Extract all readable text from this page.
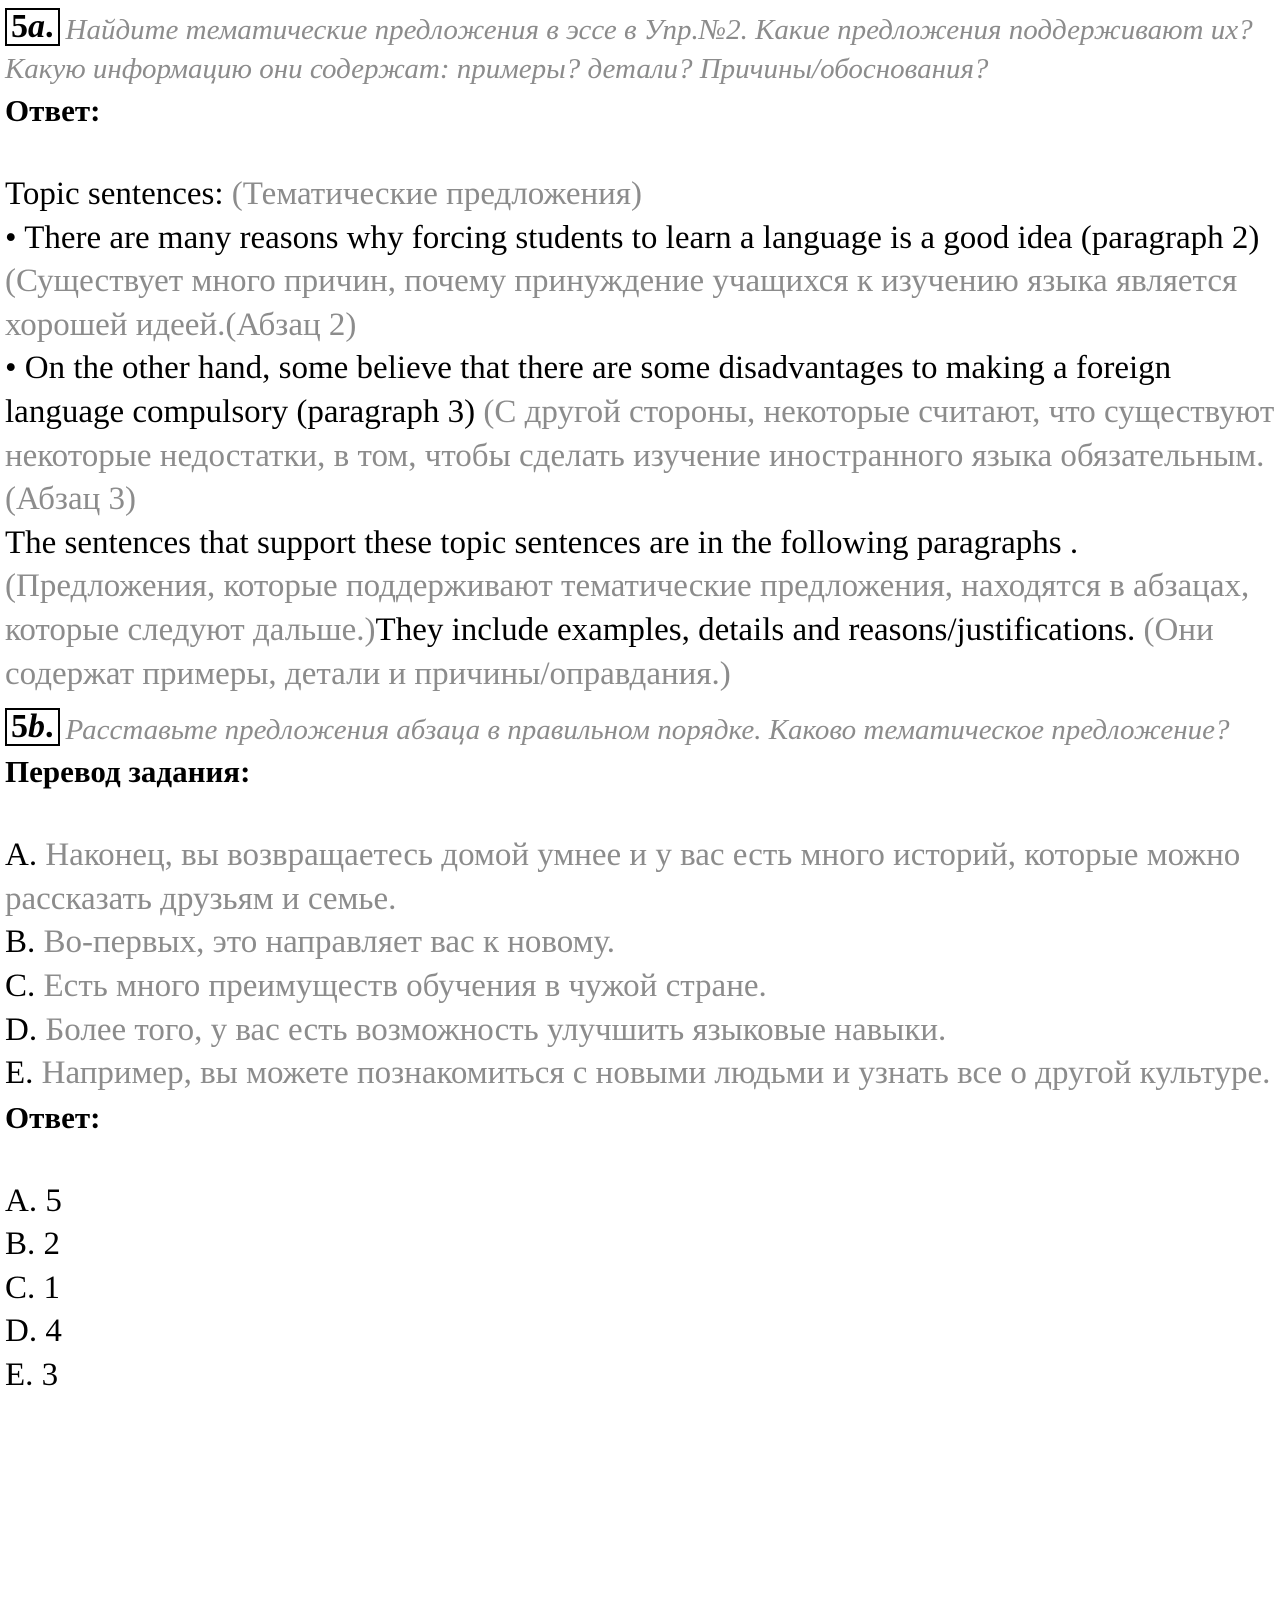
5a. Найдите тематические предложения в эссе в Упр.№2. Какие предложения поддерживают их? Какую информацию они содержат: примеры? детали? Причины/обоснования?
Ответ:
Topic sentences: (Тематические предложения)
• There are many reasons why forcing students to learn a language is a good idea (paragraph 2) (Существует много причин, почему принуждение учащихся к изучению языка является хорошей идеей.(Абзац 2)
• On the other hand, some believe that there are some disadvantages to making a foreign language compulsory (paragraph 3) (С другой стороны, некоторые считают, что существуют некоторые недостатки, в том, чтобы сделать изучение иностранного языка обязательным. (Абзац 3)
The sentences that support these topic sentences are in the following paragraphs . (Предложения, которые поддерживают тематические предложения, находятся в абзацах, которые следуют дальше.)They include examples, details and reasons/justifications. (Они содержат примеры, детали и причины/оправдания.)
5b. Расставьте предложения абзаца в правильном порядке. Каково тематическое предложение?
Перевод задания:
A. Наконец, вы возвращаетесь домой умнее и у вас есть много историй, которые можно рассказать друзьям и семье.
B. Во-первых, это направляет вас к новому.
C. Есть много преимуществ обучения в чужой стране.
D. Более того, у вас есть возможность улучшить языковые навыки.
E. Например, вы можете познакомиться с новыми людьми и узнать все о другой культуре.
Ответ:
A. 5
B. 2
C. 1
D. 4
E. 3
